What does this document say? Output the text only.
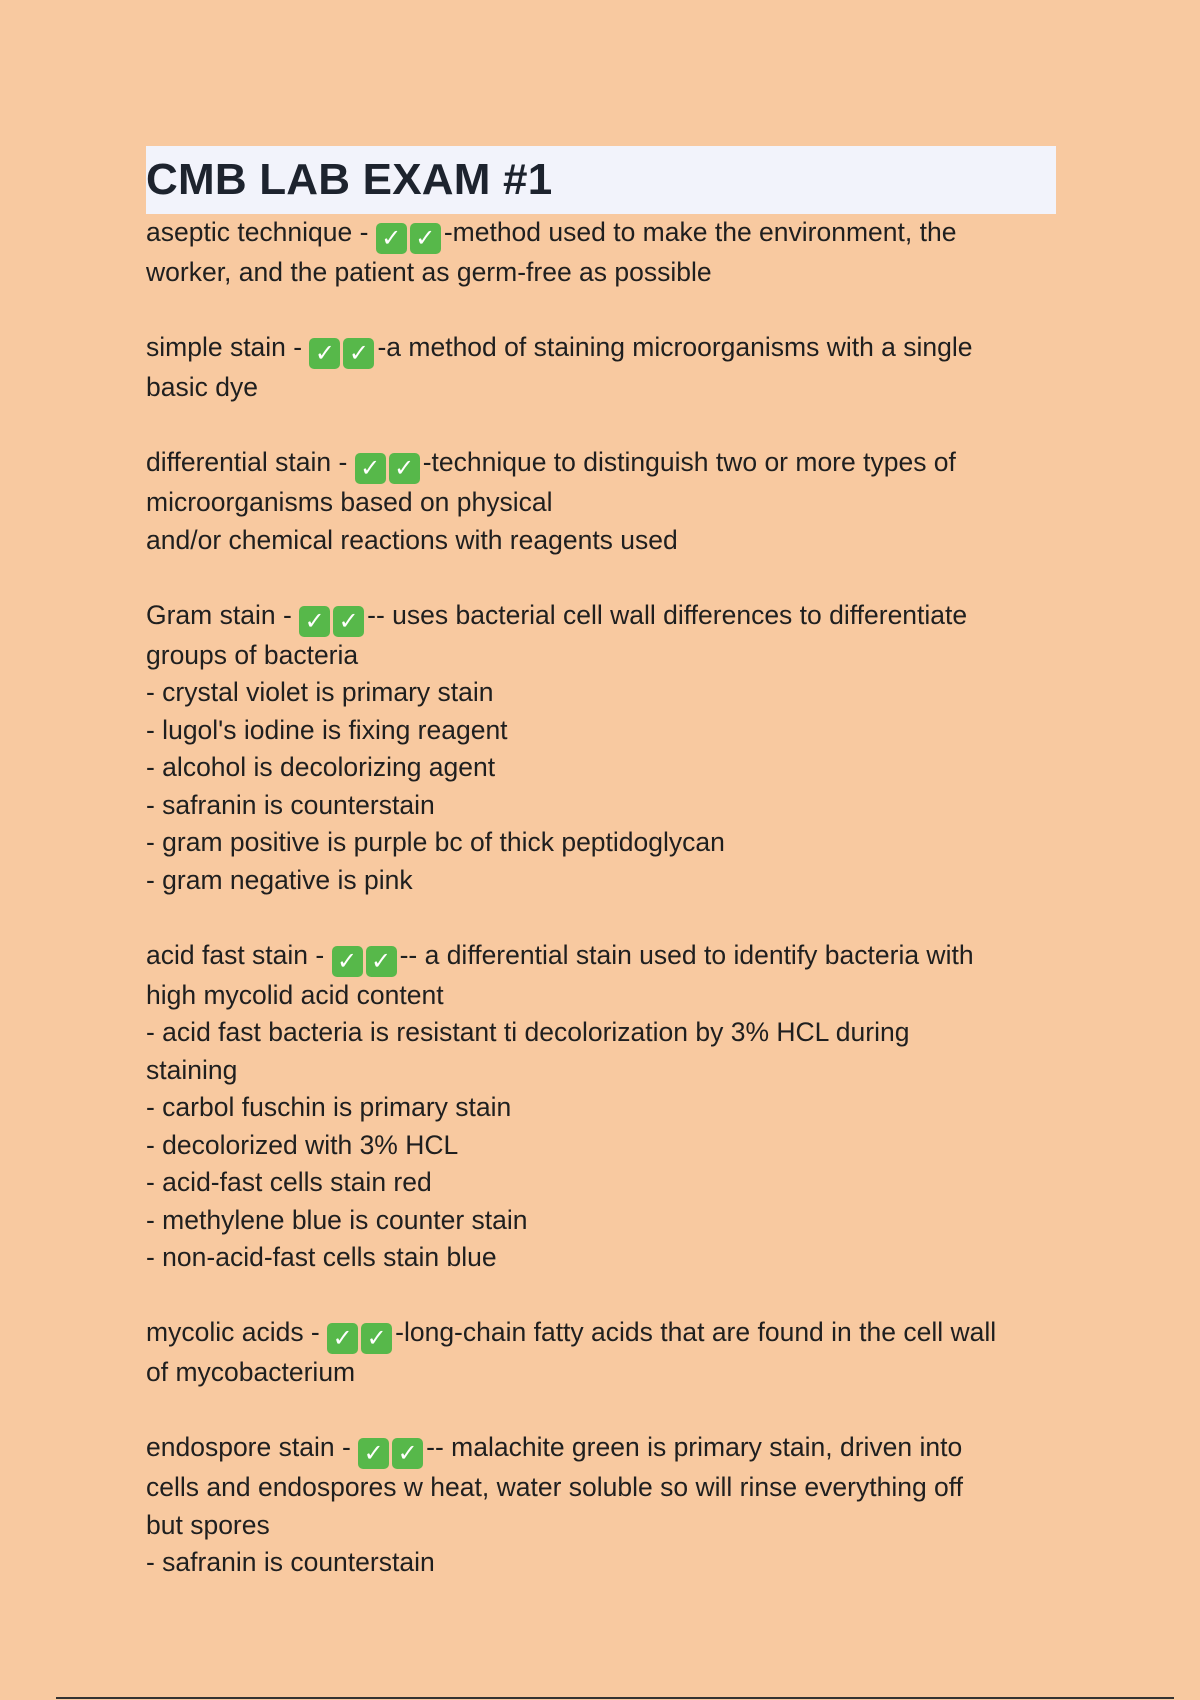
CMB LAB EXAM #1
aseptic technique - ✓ ✓ -method used to make the environment, the
worker, and the patient as germ-free as possible
simple stain - ✓ ✓ -a method of staining microorganisms with a single
basic dye
differential stain - ✓ ✓ -technique to distinguish two or more types of
microorganisms based on physical
and/or chemical reactions with reagents used
Gram stain - ✓ ✓ -- uses bacterial cell wall differences to differentiate
groups of bacteria
- crystal violet is primary stain
- lugol's iodine is fixing reagent
- alcohol is decolorizing agent
- safranin is counterstain
- gram positive is purple bc of thick peptidoglycan
- gram negative is pink
acid fast stain - ✓ ✓ -- a differential stain used to identify bacteria with
high mycolid acid content
- acid fast bacteria is resistant ti decolorization by 3% HCL during
staining
- carbol fuschin is primary stain
- decolorized with 3% HCL
- acid-fast cells stain red
- methylene blue is counter stain
- non-acid-fast cells stain blue
mycolic acids - ✓ ✓ -long-chain fatty acids that are found in the cell wall
of mycobacterium
endospore stain - ✓ ✓ -- malachite green is primary stain, driven into
cells and endospores w heat, water soluble so will rinse everything off
but spores
- safranin is counterstain
